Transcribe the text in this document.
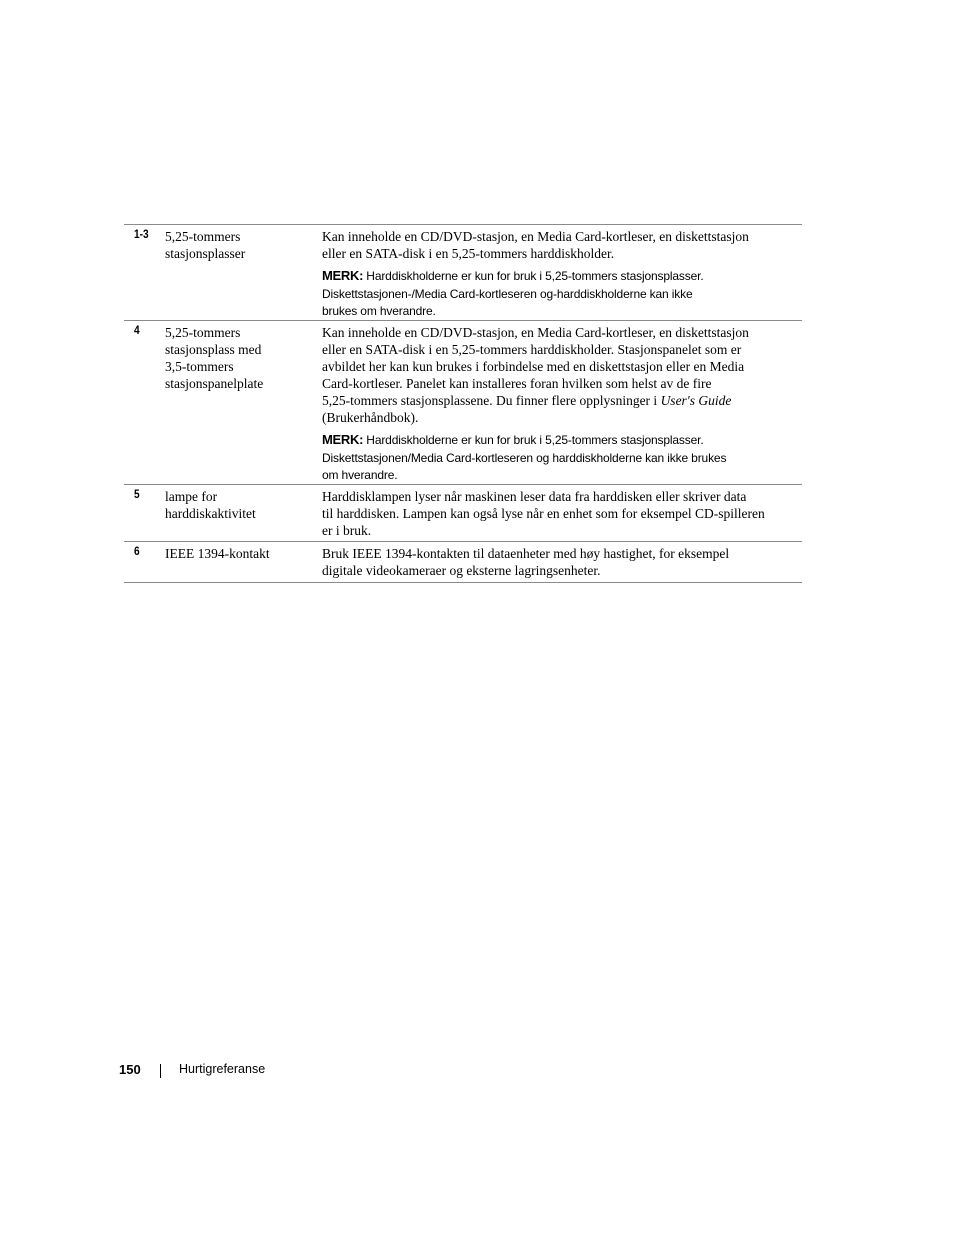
1-3 5,25-tommers
stasjonsplasser
Kan inneholde en CD/DVD-stasjon, en Media Card-kortleser, en diskettstasjon
eller en SATA-disk i en 5,25-tommers harddiskholder.
MERK: Harddiskholderne er kun for bruk i 5,25-tommers stasjonsplasser.
Diskettstasjonen-/Media Card-kortleseren og-harddiskholderne kan ikke
brukes om hverandre.
4 5,25-tommers
stasjonsplass med
3,5-tommers
stasjonspanelplate
Kan inneholde en CD/DVD-stasjon, en Media Card-kortleser, en diskettstasjon
eller en SATA-disk i en 5,25-tommers harddiskholder. Stasjonspanelet som er
avbildet her kan kun brukes i forbindelse med en diskettstasjon eller en Media
Card-kortleser. Panelet kan installeres foran hvilken som helst av de fire
5,25-tommers stasjonsplassene. Du finner flere opplysninger i User's Guide
(Brukerhåndbok).
MERK: Harddiskholderne er kun for bruk i 5,25-tommers stasjonsplasser.
Diskettstasjonen/Media Card-kortleseren og harddiskholderne kan ikke brukes
om hverandre.
5 lampe for
harddiskaktivitet
Harddisklampen lyser når maskinen leser data fra harddisken eller skriver data
til harddisken. Lampen kan også lyse når en enhet som for eksempel CD-spilleren
er i bruk.
6 IEEE 1394-kontakt	Bruk IEEE 1394-kontakten til dataenheter med høy hastighet, for eksempel
digitale videokameraer og eksterne lagringsenheter.
150	Hurtigreferanse
